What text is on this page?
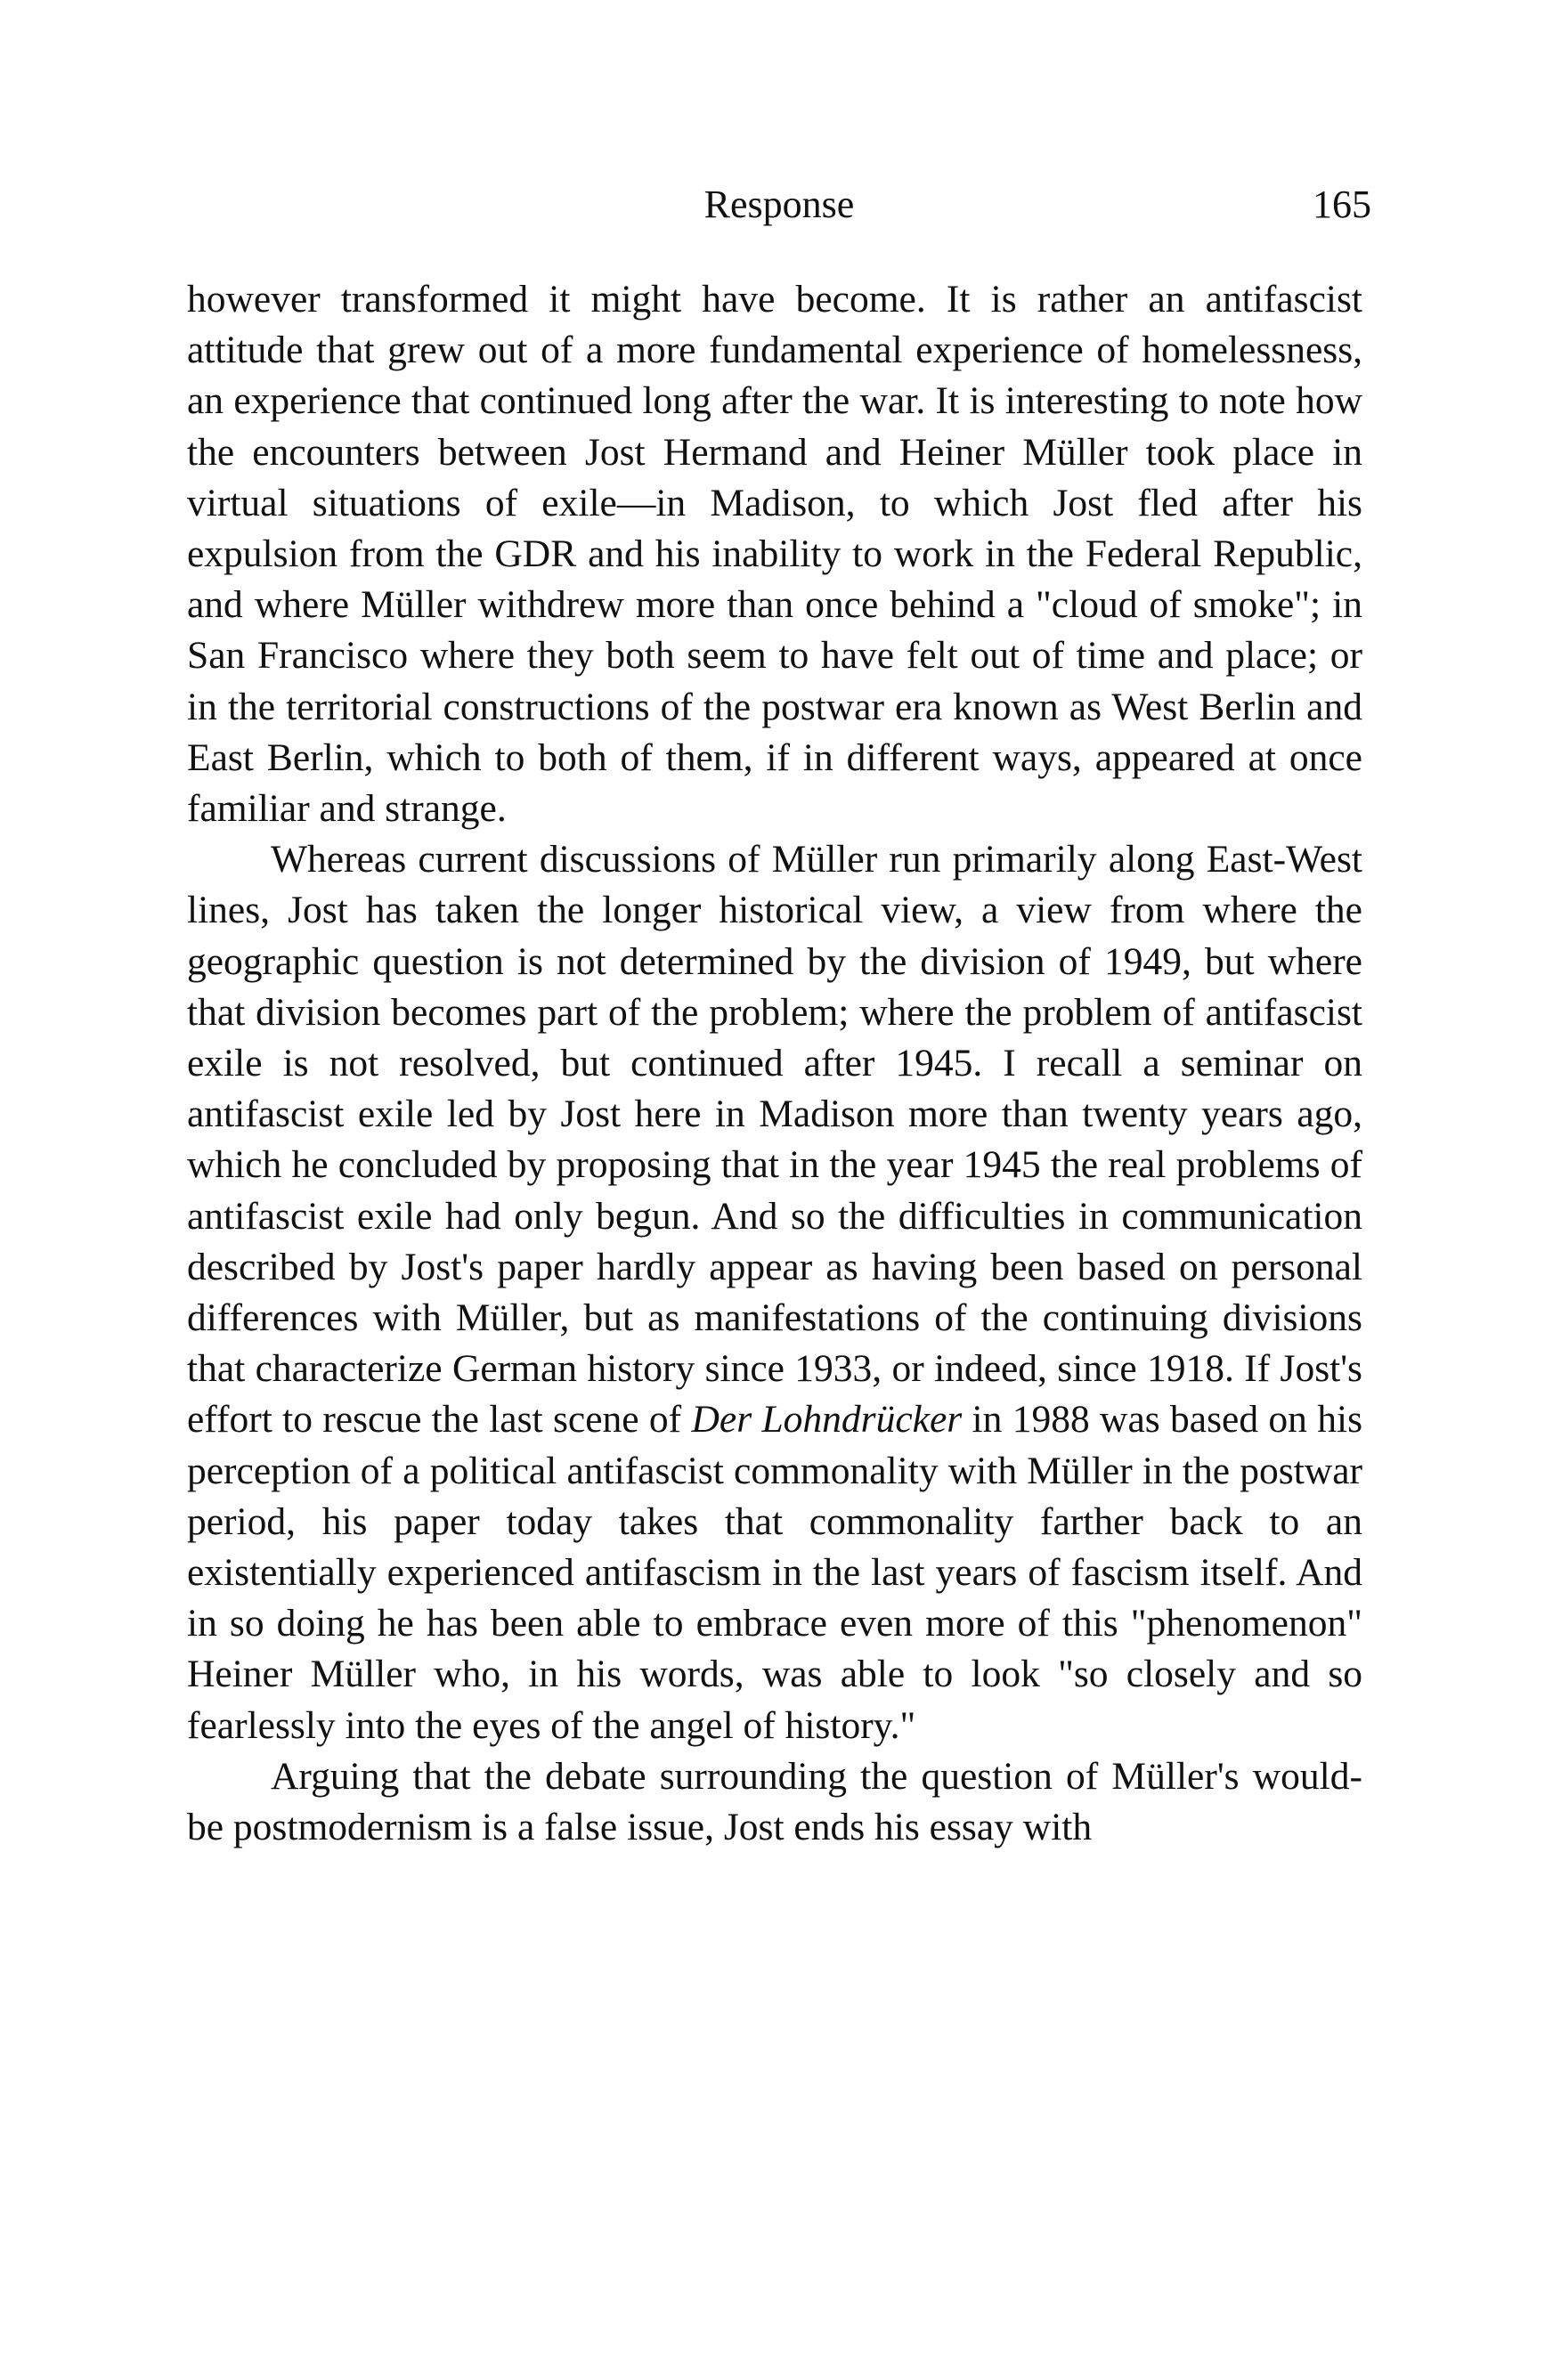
Response	165

however transformed it might have become. It is rather an antifascist attitude that grew out of a more fundamental experience of homelessness, an experience that continued long after the war. It is interesting to note how the encounters between Jost Hermand and Heiner Müller took place in virtual situations of exile—in Madison, to which Jost fled after his expulsion from the GDR and his inability to work in the Federal Republic, and where Müller withdrew more than once behind a "cloud of smoke"; in San Francisco where they both seem to have felt out of time and place; or in the territorial constructions of the postwar era known as West Berlin and East Berlin, which to both of them, if in different ways, appeared at once familiar and strange.

Whereas current discussions of Müller run primarily along East-West lines, Jost has taken the longer historical view, a view from where the geographic question is not determined by the division of 1949, but where that division becomes part of the problem; where the problem of antifascist exile is not resolved, but continued after 1945. I recall a seminar on antifascist exile led by Jost here in Madison more than twenty years ago, which he concluded by proposing that in the year 1945 the real problems of antifascist exile had only begun. And so the difficulties in communication described by Jost's paper hardly appear as having been based on personal differences with Müller, but as manifestations of the continuing divisions that characterize German history since 1933, or indeed, since 1918. If Jost's effort to rescue the last scene of Der Lohndrücker in 1988 was based on his perception of a political antifascist commonality with Müller in the postwar period, his paper today takes that commonality farther back to an existentially experienced antifascism in the last years of fascism itself. And in so doing he has been able to embrace even more of this "phenomenon" Heiner Müller who, in his words, was able to look "so closely and so fearlessly into the eyes of the angel of history."

Arguing that the debate surrounding the question of Müller's would-be postmodernism is a false issue, Jost ends his essay with
